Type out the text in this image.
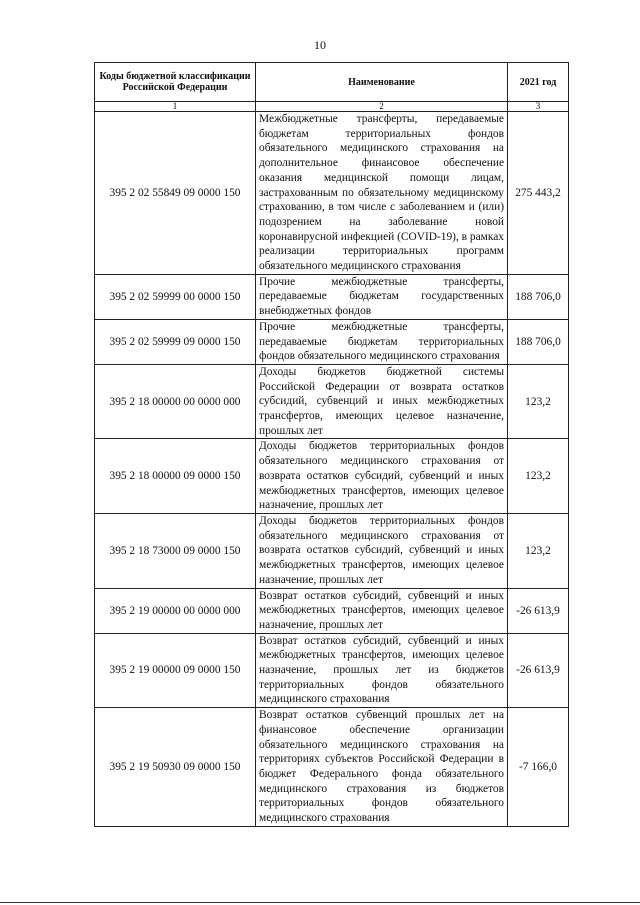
10
Коды бюджетной классификации Российской Федерации	Наименование	2021 год
1	2	3
395 2 02 55849 09 0000 150	Межбюджетные трансферты, передаваемые бюджетам территориальных фондов обязательного медицинского страхования на дополнительное финансовое обеспечение оказания медицинской помощи лицам, застрахованным по обязательному медицинскому страхованию, в том числе с заболеванием и (или) подозрением на заболевание новой коронавирусной инфекцией (COVID-19), в рамках реализации территориальных программ обязательного медицинского страхования	275 443,2
395 2 02 59999 00 0000 150	Прочие межбюджетные трансферты, передаваемые бюджетам государственных внебюджетных фондов	188 706,0
395 2 02 59999 09 0000 150	Прочие межбюджетные трансферты, передаваемые бюджетам территориальных фондов обязательного медицинского страхования	188 706,0
395 2 18 00000 00 0000 000	Доходы бюджетов бюджетной системы Российской Федерации от возврата остатков субсидий, субвенций и иных межбюджетных трансфертов, имеющих целевое назначение, прошлых лет	123,2
395 2 18 00000 09 0000 150	Доходы бюджетов территориальных фондов обязательного медицинского страхования от возврата остатков субсидий, субвенций и иных межбюджетных трансфертов, имеющих целевое назначение, прошлых лет	123,2
395 2 18 73000 09 0000 150	Доходы бюджетов территориальных фондов обязательного медицинского страхования от возврата остатков субсидий, субвенций и иных межбюджетных трансфертов, имеющих целевое назначение, прошлых лет	123,2
395 2 19 00000 00 0000 000	Возврат остатков субсидий, субвенций и иных межбюджетных трансфертов, имеющих целевое назначение, прошлых лет	-26 613,9
395 2 19 00000 09 0000 150	Возврат остатков субсидий, субвенций и иных межбюджетных трансфертов, имеющих целевое назначение, прошлых лет из бюджетов территориальных фондов обязательного медицинского страхования	-26 613,9
395 2 19 50930 09 0000 150	Возврат остатков субвенций прошлых лет на финансовое обеспечение организации обязательного медицинского страхования на территориях субъектов Российской Федерации в бюджет Федерального фонда обязательного медицинского страхования из бюджетов территориальных фондов обязательного медицинского страхования	-7 166,0
